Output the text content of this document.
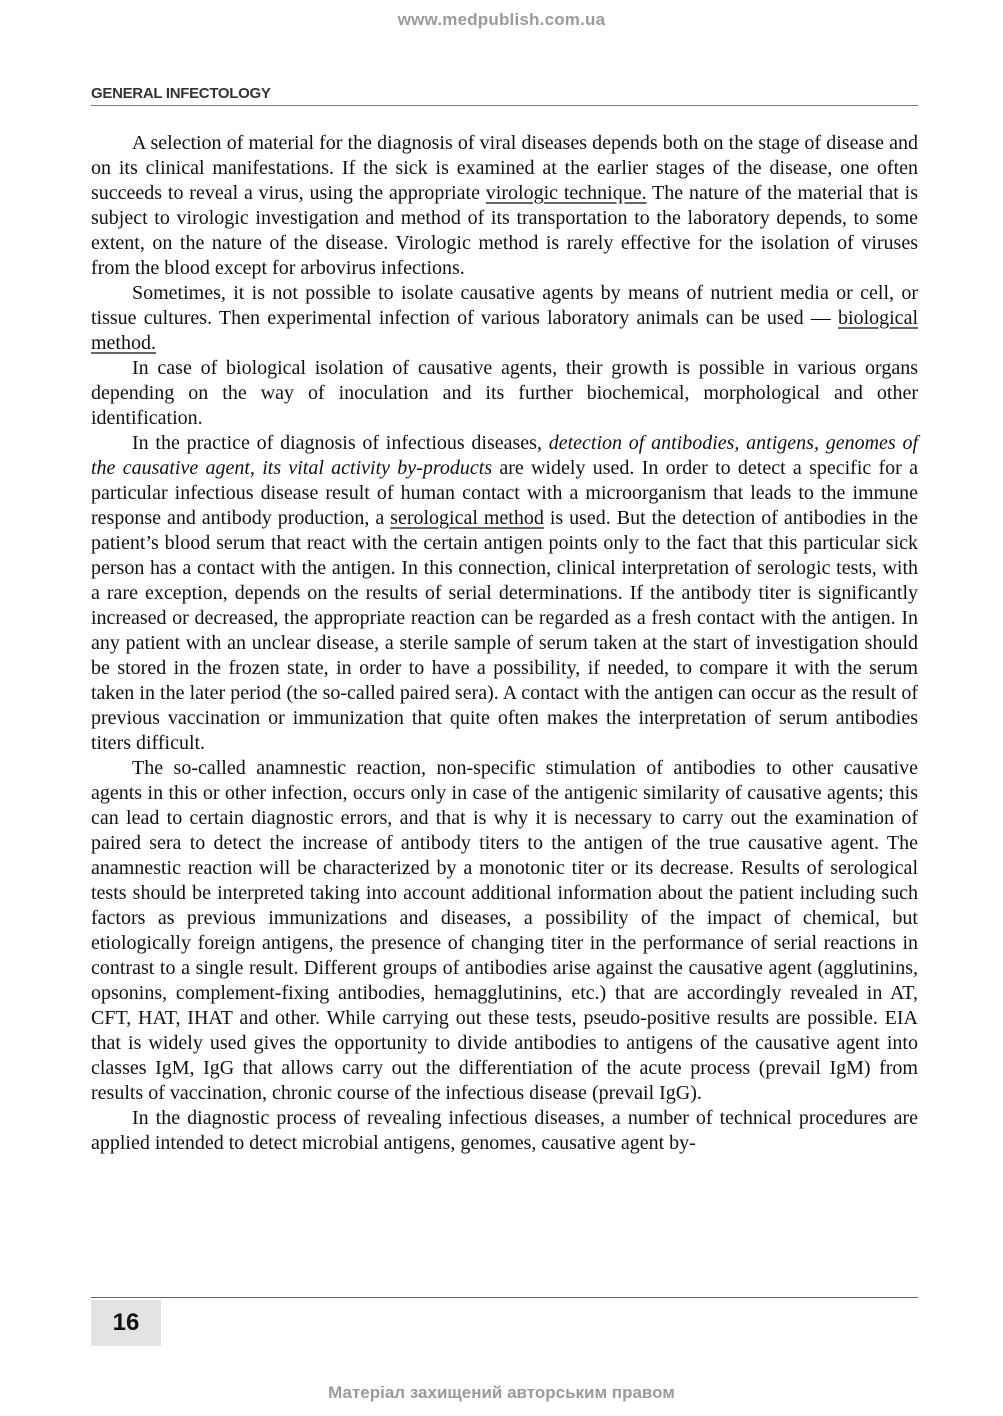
www.medpublish.com.ua
GENERAL INFECTOLOGY

A selection of material for the diagnosis of viral diseases depends both on the stage of disease and on its clinical manifestations. If the sick is examined at the earlier stages of the disease, one often succeeds to reveal a virus, using the appropriate virologic technique. The nature of the material that is subject to virologic investigation and method of its transportation to the laboratory depends, to some extent, on the nature of the disease. Virologic method is rarely effective for the isolation of viruses from the blood except for arbovirus infections.

Sometimes, it is not possible to isolate causative agents by means of nutrient media or cell, or tissue cultures. Then experimental infection of various laboratory animals can be used — biological method.

In case of biological isolation of causative agents, their growth is possible in various organs depending on the way of inoculation and its further biochemical, morphological and other identification.

In the practice of diagnosis of infectious diseases, detection of antibodies, antigens, genomes of the causative agent, its vital activity by-products are widely used. In order to detect a specific for a particular infectious disease result of human contact with a microorganism that leads to the immune response and antibody production, a serological method is used. But the detection of antibodies in the patient’s blood serum that react with the certain antigen points only to the fact that this particular sick person has a contact with the antigen. In this connection, clinical interpretation of serologic tests, with a rare exception, depends on the results of serial determinations. If the antibody titer is significantly increased or decreased, the appropriate reaction can be regarded as a fresh contact with the antigen. In any patient with an unclear disease, a sterile sample of serum taken at the start of investigation should be stored in the frozen state, in order to have a possibility, if needed, to compare it with the serum taken in the later period (the so-called paired sera). A contact with the antigen can occur as the result of previous vaccination or immunization that quite often makes the interpretation of serum antibodies titers difficult.

The so-called anamnestic reaction, non-specific stimulation of antibodies to other causative agents in this or other infection, occurs only in case of the antigenic similarity of causative agents; this can lead to certain diagnostic errors, and that is why it is necessary to carry out the examination of paired sera to detect the increase of antibody titers to the antigen of the true causative agent. The anamnestic reaction will be characterized by a monotonic titer or its decrease. Results of serological tests should be interpreted taking into account additional information about the patient including such factors as previous immunizations and diseases, a possibility of the impact of chemical, but etiologically foreign antigens, the presence of changing titer in the performance of serial reactions in contrast to a single result. Different groups of antibodies arise against the causative agent (agglutinins, opsonins, complement-fixing antibodies, hemagglutinins, etc.) that are accordingly revealed in AT, CFT, HAT, IHAT and other. While carrying out these tests, pseudo-positive results are possible. EIA that is widely used gives the opportunity to divide antibodies to antigens of the causative agent into classes IgM, IgG that allows carry out the differentiation of the acute process (prevail IgM) from results of vaccination, chronic course of the infectious disease (prevail IgG).

In the diagnostic process of revealing infectious diseases, a number of technical procedures are applied intended to detect microbial antigens, genomes, causative agent by-

16
Матеріал захищений авторським правом
